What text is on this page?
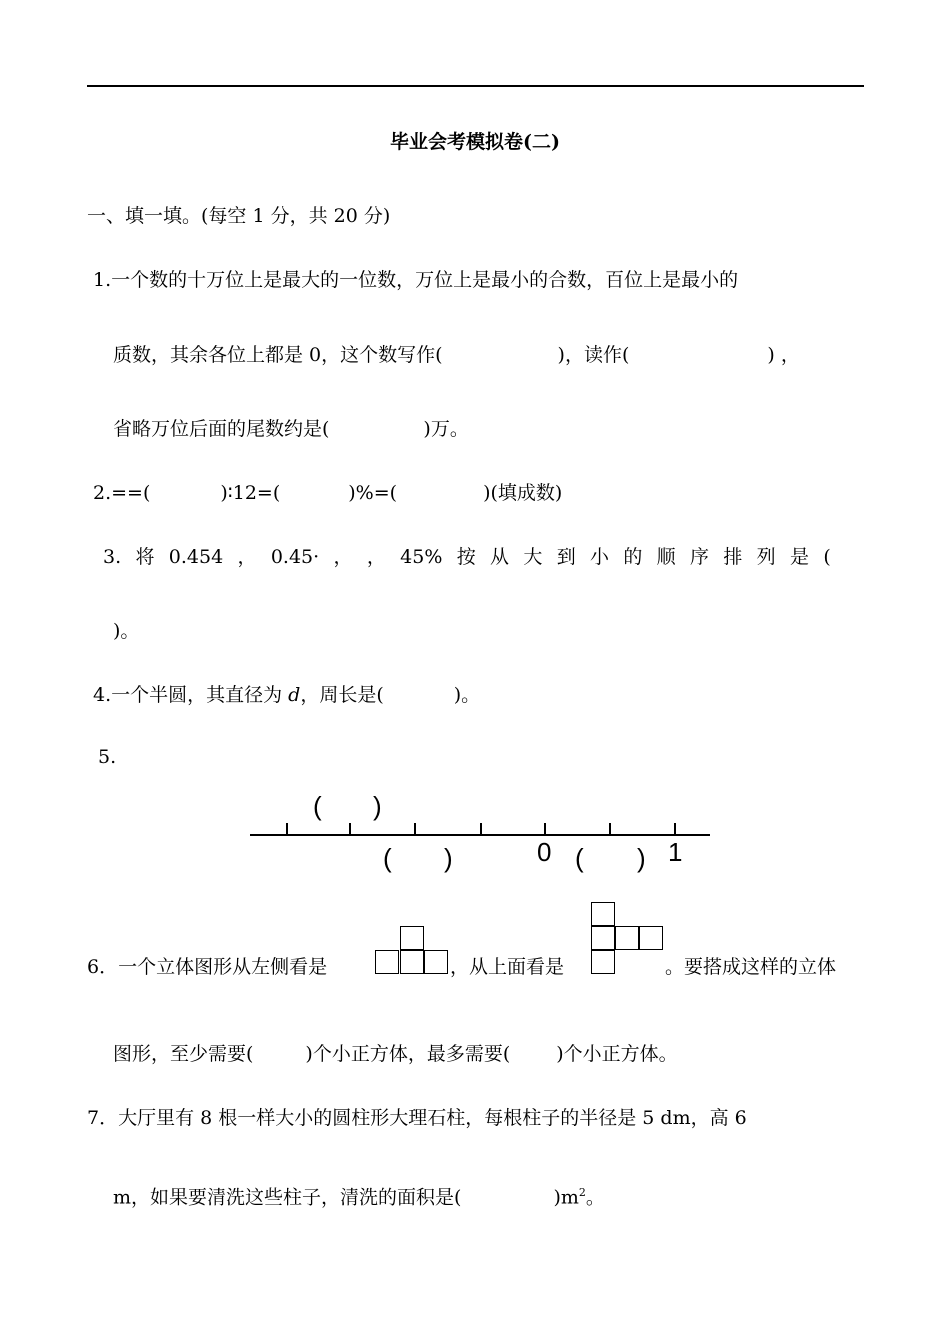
毕业会考模拟卷(二)
一、填一填。(每空 1 分，共 20 分)
1.一个数的十万位上是最大的一位数，万位上是最小的合数，百位上是最小的
质数，其余各位上都是 0，这个数写作(	)，读作(	) ，
省略万位后面的尾数约是(	)万。
2.==(	)∶12=(	)%=(	)(填成数)
3. 将 0.454 ， 0.45· ， ， 45% 按 从 大 到 小 的 顺 序 排 列 是 (
)。
4.一个半圆，其直径为 d，周长是(	)。
5.
( )
( )	0 ( ) 1
6．一个立体图形从左侧看是	，从上面看是	。要搭成这样的立体
图形，至少需要(	)个小正方体，最多需要( )个小正方体。
7．大厅里有 8 根一样大小的圆柱形大理石柱，每根柱子的半径是 5 dm，高 6
m，如果要清洗这些柱子，清洗的面积是(	)$m^2$。
